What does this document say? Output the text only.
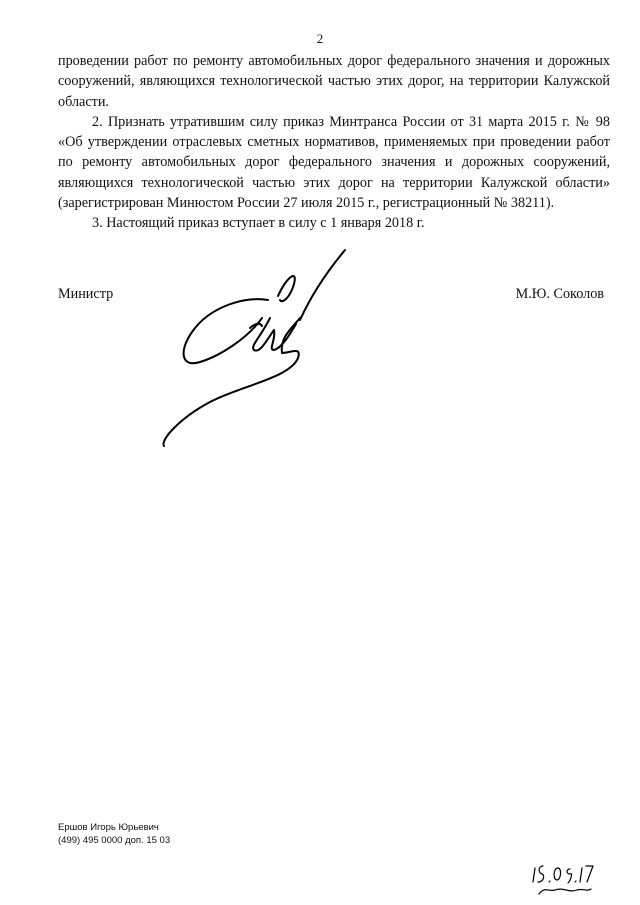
2

проведении работ по ремонту автомобильных дорог федерального значения и дорожных сооружений, являющихся технологической частью этих дорог, на территории Калужской области.

2. Признать утратившим силу приказ Минтранса России от 31 марта 2015 г. № 98 «Об утверждении отраслевых сметных нормативов, применяемых при проведении работ по ремонту автомобильных дорог федерального значения и дорожных сооружений, являющихся технологической частью этих дорог на территории Калужской области» (зарегистрирован Минюстом России 27 июля 2015 г., регистрационный № 38211).

3. Настоящий приказ вступает в силу с 1 января 2018 г.

Министр	М.Ю. Соколов
Ершов Игорь Юрьевич
(499) 495 0000 доп. 15 03
